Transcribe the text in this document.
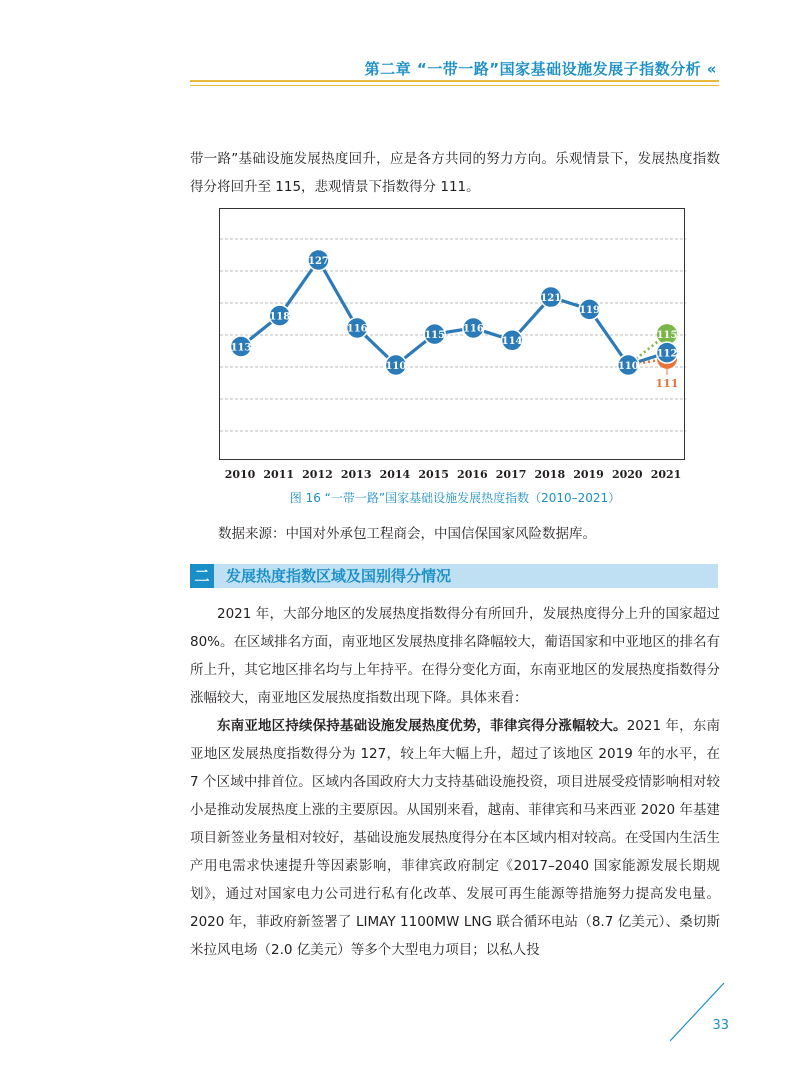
第二章 “一带一路”国家基础设施发展子指数分析 «

带一路”基础设施发展热度回升，应是各方共同的努力方向。乐观情景下，发展热度指数得分将回升至 115，悲观情景下指数得分 111。

113
118
127
116
110
115
116
114
121
119
110
112
115
111
2010 2011 2012 2013 2014 2015 2016 2017 2018 2019 2020 2021
图 16 “一带一路”国家基础设施发展热度指数（2010–2021）
数据来源：中国对外承包工程商会，中国信保国家风险数据库。
二	发展热度指数区域及国别得分情况

2021 年，大部分地区的发展热度指数得分有所回升，发展热度得分上升的国家超过 80%。在区域排名方面，南亚地区发展热度排名降幅较大，葡语国家和中亚地区的排名有所上升，其它地区排名均与上年持平。在得分变化方面，东南亚地区的发展热度指数得分涨幅较大，南亚地区发展热度指数出现下降。具体来看：

东南亚地区持续保持基础设施发展热度优势，菲律宾得分涨幅较大。2021 年，东南亚地区发展热度指数得分为 127，较上年大幅上升，超过了该地区 2019 年的水平，在 7 个区域中排首位。区域内各国政府大力支持基础设施投资，项目进展受疫情影响相对较小是推动发展热度上涨的主要原因。从国别来看，越南、菲律宾和马来西亚 2020 年基建项目新签业务量相对较好，基础设施发展热度得分在本区域内相对较高。在受国内生活生产用电需求快速提升等因素影响，菲律宾政府制定《2017–2040 国家能源发展长期规划》，通过对国家电力公司进行私有化改革、发展可再生能源等措施努力提高发电量。2020 年，菲政府新签署了 LIMAY 1100MW LNG 联合循环电站（8.7 亿美元）、桑切斯米拉风电场（2.0 亿美元）等多个大型电力项目；以私人投

33
